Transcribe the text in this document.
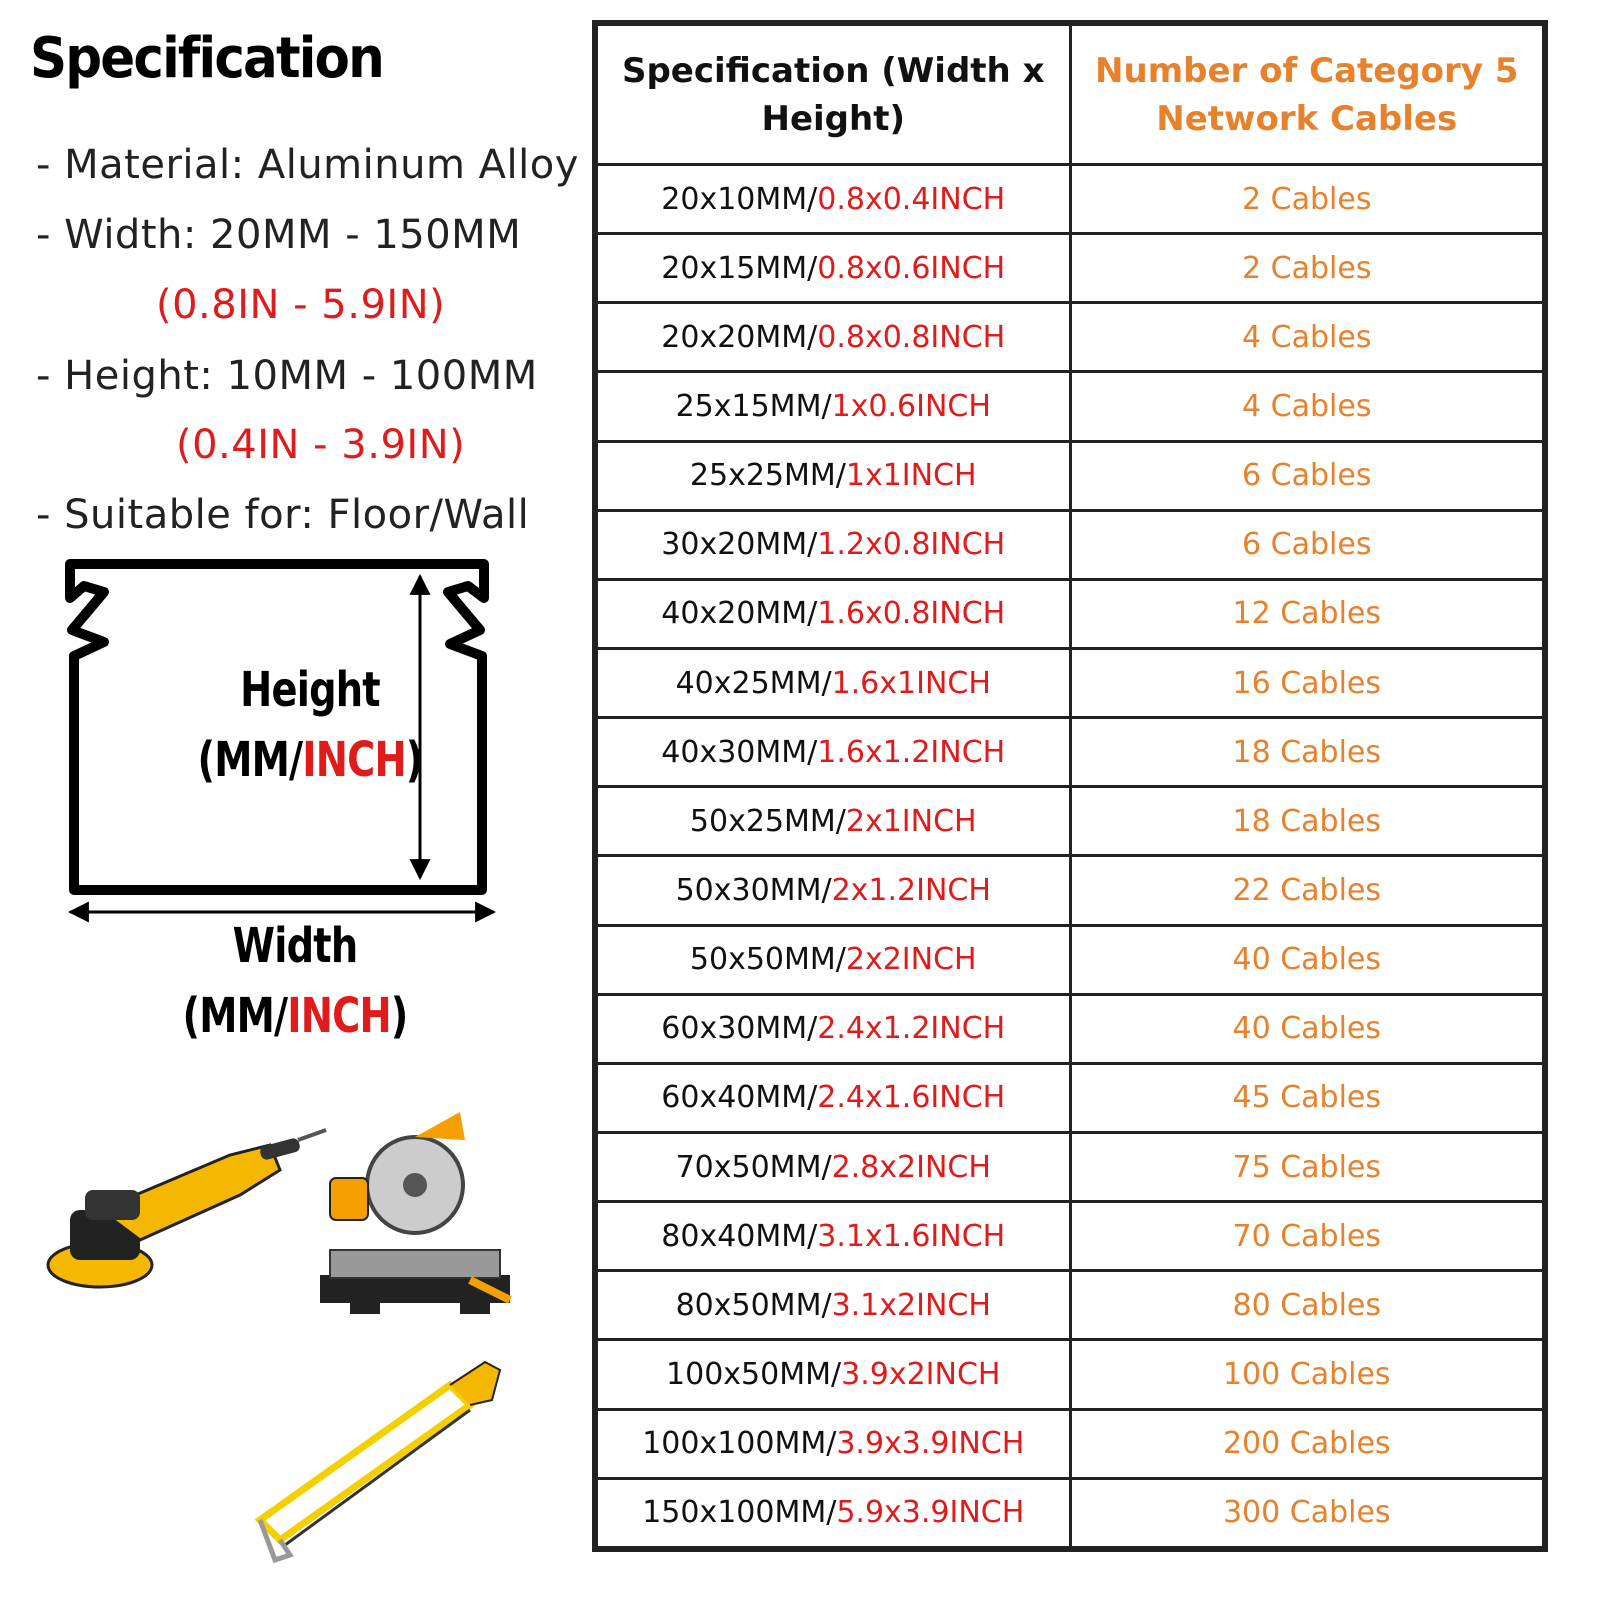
Specification
- Material: Aluminum Alloy
- Width: 20MM - 150MM
(0.8IN - 5.9IN)
- Height: 10MM - 100MM
(0.4IN - 3.9IN)
- Suitable for: Floor/Wall
Height
(MM/INCH)
Width
(MM/INCH)
Specification (Width x Height)	Number of Category 5 Network Cables
20x10MM/0.8x0.4INCH	2 Cables
20x15MM/0.8x0.6INCH	2 Cables
20x20MM/0.8x0.8INCH	4 Cables
25x15MM/1x0.6INCH	4 Cables
25x25MM/1x1INCH	6 Cables
30x20MM/1.2x0.8INCH	6 Cables
40x20MM/1.6x0.8INCH	12 Cables
40x25MM/1.6x1INCH	16 Cables
40x30MM/1.6x1.2INCH	18 Cables
50x25MM/2x1INCH	18 Cables
50x30MM/2x1.2INCH	22 Cables
50x50MM/2x2INCH	40 Cables
60x30MM/2.4x1.2INCH	40 Cables
60x40MM/2.4x1.6INCH	45 Cables
70x50MM/2.8x2INCH	75 Cables
80x40MM/3.1x1.6INCH	70 Cables
80x50MM/3.1x2INCH	80 Cables
100x50MM/3.9x2INCH	100 Cables
100x100MM/3.9x3.9INCH	200 Cables
150x100MM/5.9x3.9INCH	300 Cables
